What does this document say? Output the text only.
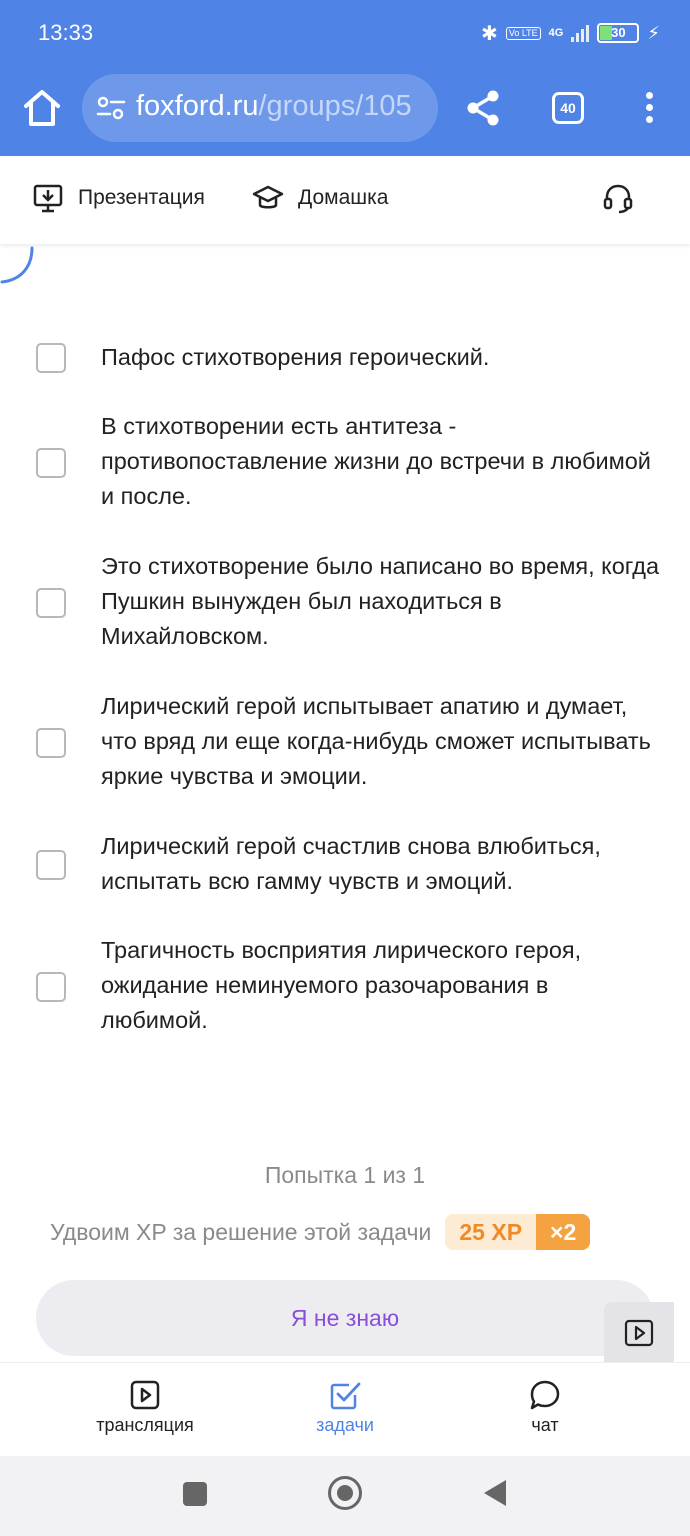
13:33	✱	Vo LTE 4G	30	⚡
foxford.ru/groups/105	40
Презентация	Домашка
Пафос стихотворения героический.
В стихотворении есть антитеза - противопоставление жизни до встречи в любимой и после.
Это стихотворение было написано во время, когда Пушкин вынужден был находиться в Михайловском.
Лирический герой испытывает апатию и думает, что вряд ли еще когда-нибудь сможет испытывать яркие чувства и эмоции.
Лирический герой счастлив снова влюбиться, испытать всю гамму чувств и эмоций.
Трагичность восприятия лирического героя, ожидание неминуемого разочарования в любимой.
Попытка 1 из 1
Удвоим XP за решение этой задачи	25 XP	×2
Я не знаю
трансляция	задачи	чат
